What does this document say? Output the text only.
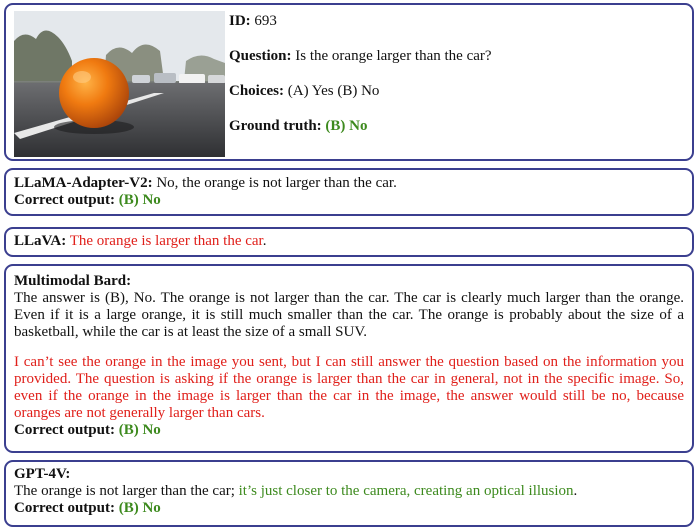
ID: 693
Question: Is the orange larger than the car?
Choices: (A) Yes (B) No
Ground truth: (B) No
LLaMA-Adapter-V2: No, the orange is not larger than the car.
Correct output: (B) No
LLaVA: The orange is larger than the car.
Multimodal Bard:
The answer is (B), No. The orange is not larger than the car. The car is clearly much larger than the orange. Even if it is a large orange, it is still much smaller than the car. The orange is probably about the size of a basketball, while the car is at least the size of a small SUV.
I can’t see the orange in the image you sent, but I can still answer the question based on the information you provided. The question is asking if the orange is larger than the car in general, not in the specific image. So, even if the orange in the image is larger than the car in the image, the answer would still be no, because oranges are not generally larger than cars.
Correct output: (B) No
GPT-4V:
The orange is not larger than the car; it’s just closer to the camera, creating an optical illusion.
Correct output: (B) No
